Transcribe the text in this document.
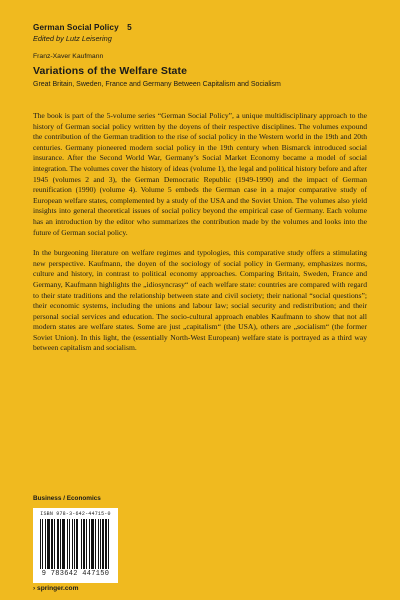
German Social Policy 5
Edited by Lutz Leisering
Franz-Xaver Kaufmann
Variations of the Welfare State
Great Britain, Sweden, France and Germany Between Capitalism and Socialism

The book is part of the 5-volume series “German Social Policy”, a unique multidisciplinary approach to the history of German social policy written by the doyens of their respective disciplines. The volumes expound the contribution of the German tradition to the rise of social policy in the Western world in the 19th and 20th centuries. Germany pioneered modern social policy in the 19th century when Bismarck introduced social insurance. After the Second World War, Germany’s Social Market Economy became a model of social integration. The volumes cover the history of ideas (volume 1), the legal and political history before and after 1945 (volumes 2 and 3), the German Democratic Republic (1949-1990) and the impact of German reunification (1990) (volume 4). Volume 5 embeds the German case in a major comparative study of European welfare states, complemented by a study of the USA and the Soviet Union. The volumes also yield insights into general theoretical issues of social policy beyond the empirical case of Germany. Each volume has an introduction by the editor who summarizes the contribution made by the volumes and looks into the future of German social policy.

In the burgeoning literature on welfare regimes and typologies, this comparative study offers a stimulating new perspective. Kaufmann, the doyen of the sociology of social policy in Germany, emphasizes norms, culture and history, in contrast to political economy approaches. Comparing Britain, Sweden, France and Germany, Kaufmann highlights the „idiosyncrasy“ of each welfare state: countries are compared with regard to their state traditions and the relationship between state and civil society; their national “social questions”; their economic systems, including the unions and labour law; social security and redistribution; and their personal social services and education. The socio-cultural approach enables Kaufmann to show that not all modern states are welfare states. Some are just „capitalism“ (the USA), others are „socialism“ (the former Soviet Union). In this light, the (essentially North-West European) welfare state is portrayed as a third way between capitalism and socialism.

Business / Economics
ISBN 978-3-642-44715-0
9 783642 447150
› springer.com
